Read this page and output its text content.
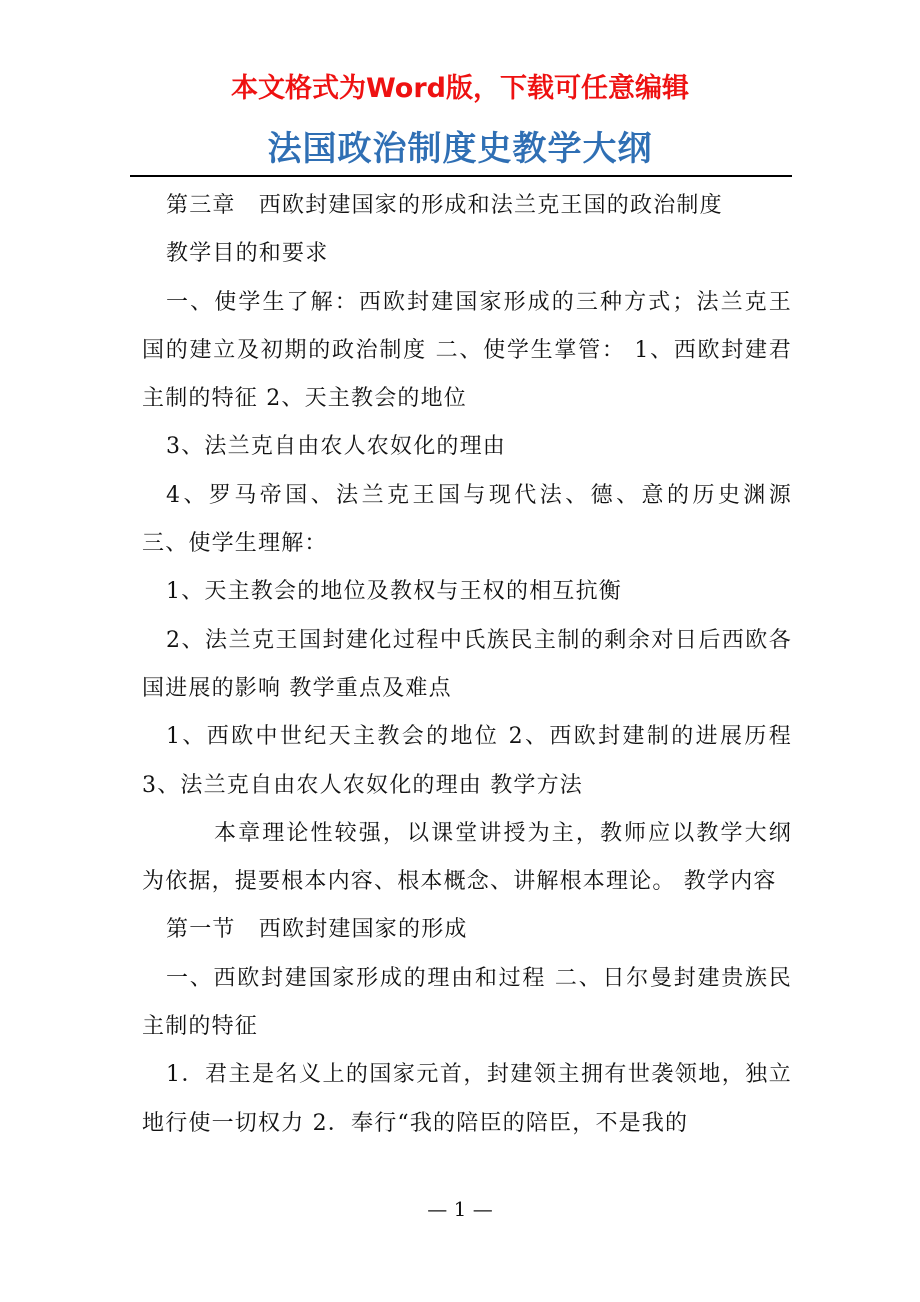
本文格式为Word版，下载可任意编辑

法国政治制度史教学大纲

第三章　西欧封建国家的形成和法兰克王国的政治制度

教学目的和要求

一、使学生了解：西欧封建国家形成的三种方式；法兰克王国的建立及初期的政治制度 二、使学生掌管： 1、西欧封建君主制的特征 2、天主教会的地位

3、法兰克自由农人农奴化的理由

4、罗马帝国、法兰克王国与现代法、德、意的历史渊源 三、使学生理解：

1、天主教会的地位及教权与王权的相互抗衡

2、法兰克王国封建化过程中氏族民主制的剩余对日后西欧各国进展的影响 教学重点及难点

1、西欧中世纪天主教会的地位 2、西欧封建制的进展历程 3、法兰克自由农人农奴化的理由 教学方法

本章理论性较强，以课堂讲授为主，教师应以教学大纲为依据，提要根本内容、根本概念、讲解根本理论。 教学内容

第一节　西欧封建国家的形成

一、西欧封建国家形成的理由和过程 二、日尔曼封建贵族民主制的特征

1．君主是名义上的国家元首，封建领主拥有世袭领地，独立地行使一切权力 2．奉行“我的陪臣的陪臣，不是我的

— 1 —
